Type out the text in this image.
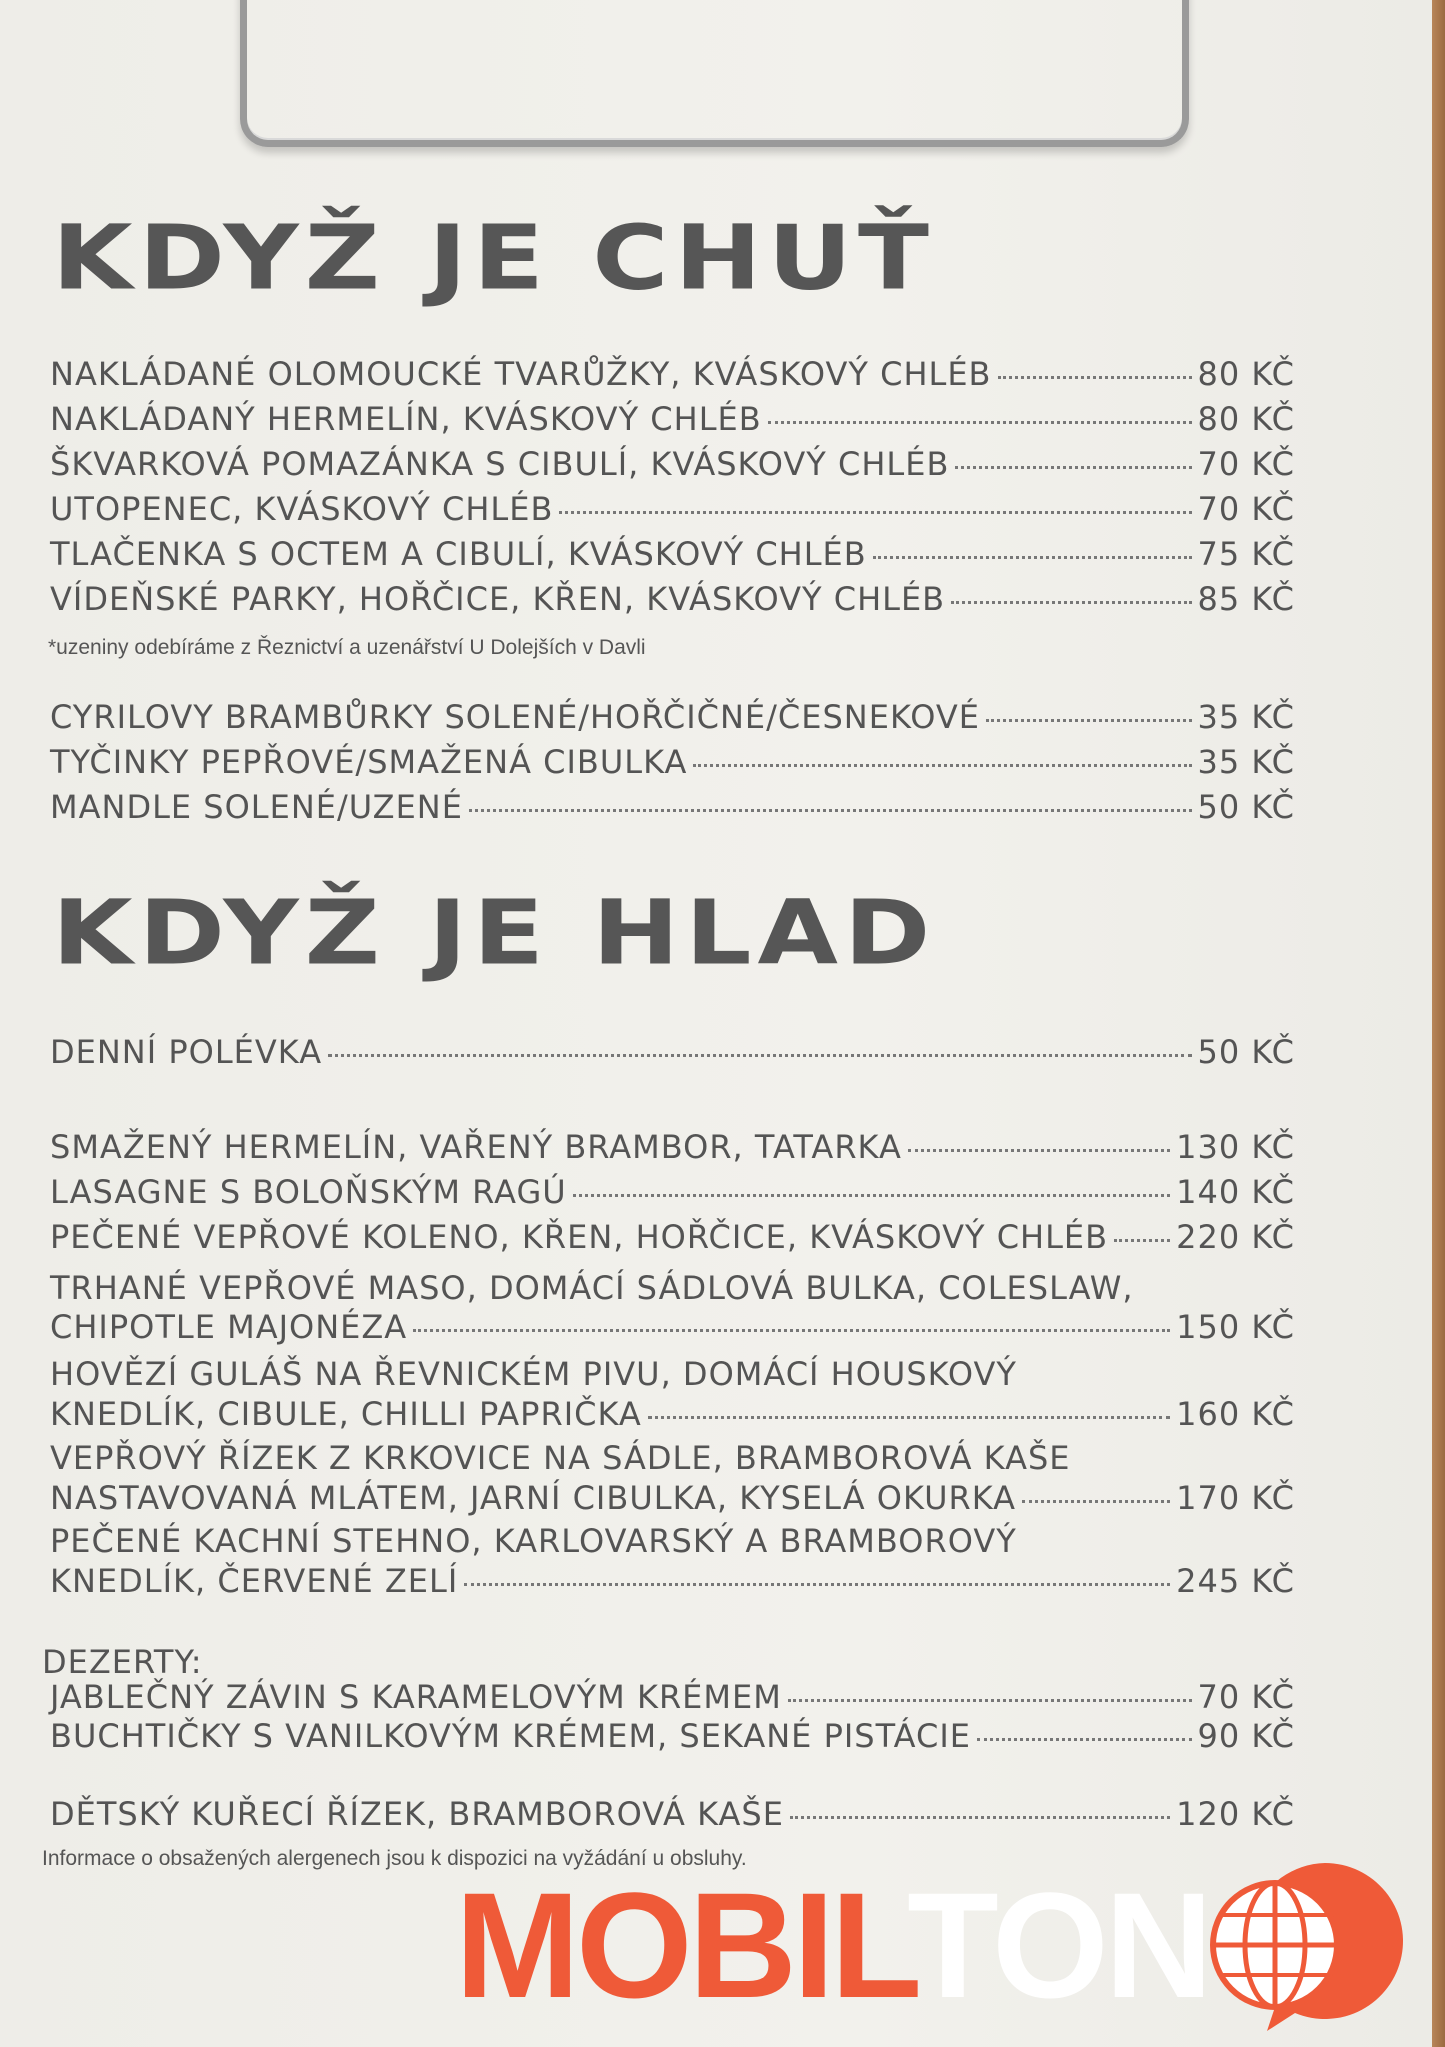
KDYŽ JE CHUŤ
NAKLÁDANÉ OLOMOUCKÉ TVARŮŽKY, KVÁSKOVÝ CHLÉB	80 KČ
NAKLÁDANÝ HERMELÍN, KVÁSKOVÝ CHLÉB	80 KČ
ŠKVARKOVÁ POMAZÁNKA S CIBULÍ, KVÁSKOVÝ CHLÉB	70 KČ
UTOPENEC, KVÁSKOVÝ CHLÉB	70 KČ
TLAČENKA S OCTEM A CIBULÍ, KVÁSKOVÝ CHLÉB	75 KČ
VÍDEŇSKÉ PARKY, HOŘČICE, KŘEN, KVÁSKOVÝ CHLÉB	85 KČ
*uzeniny odebíráme z Řeznictví a uzenářství U Dolejších v Davli
CYRILOVY BRAMBŮRKY SOLENÉ/HOŘČIČNÉ/ČESNEKOVÉ	35 KČ
TYČINKY PEPŘOVÉ/SMAŽENÁ CIBULKA	35 KČ
MANDLE SOLENÉ/UZENÉ	50 KČ
KDYŽ JE HLAD
DENNÍ POLÉVKA	50 KČ
SMAŽENÝ HERMELÍN, VAŘENÝ BRAMBOR, TATARKA	130 KČ
LASAGNE S BOLOŇSKÝM RAGÚ	140 KČ
PEČENÉ VEPŘOVÉ KOLENO, KŘEN, HOŘČICE, KVÁSKOVÝ CHLÉB 220 KČ
TRHANÉ VEPŘOVÉ MASO, DOMÁCÍ SÁDLOVÁ BULKA, COLESLAW,
CHIPOTLE MAJONÉZA	150 KČ
HOVĚZÍ GULÁŠ NA ŘEVNICKÉM PIVU, DOMÁCÍ HOUSKOVÝ
KNEDLÍK, CIBULE, CHILLI PAPRIČKA	160 KČ
VEPŘOVÝ ŘÍZEK Z KRKOVICE NA SÁDLE, BRAMBOROVÁ KAŠE
NASTAVOVANÁ MLÁTEM, JARNÍ CIBULKA, KYSELÁ OKURKA	170 KČ
PEČENÉ KACHNÍ STEHNO, KARLOVARSKÝ A BRAMBOROVÝ
KNEDLÍK, ČERVENÉ ZELÍ	245 KČ
DEZERTY:
JABLEČNÝ ZÁVIN S KARAMELOVÝM KRÉMEM	70 KČ
BUCHTIČKY S VANILKOVÝM KRÉMEM, SEKANÉ PISTÁCIE	90 KČ
DĚTSKÝ KUŘECÍ ŘÍZEK, BRAMBOROVÁ KAŠE	120 KČ
Informace o obsažených alergenech jsou k dispozici na vyžádání u obsluhy.
MOBILTON
